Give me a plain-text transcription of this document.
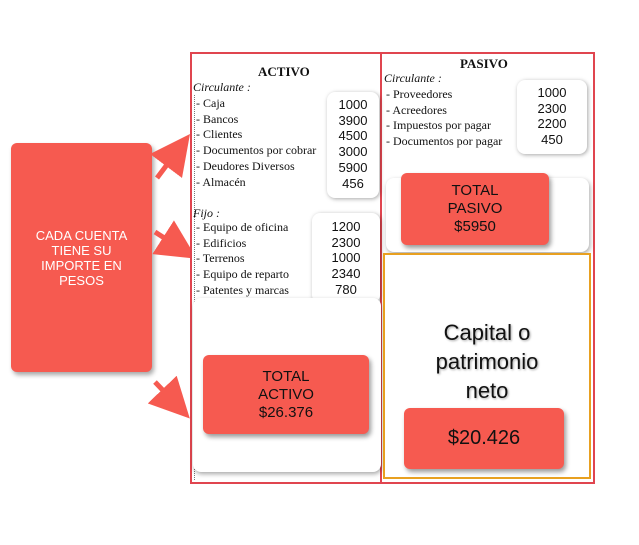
CADA CUENTA
TIENE SU
IMPORTE EN
PESOS
ACTIVO
Circulante :
- Caja
- Bancos
- Clientes
- Documentos por cobrar
- Deudores Diversos
- Almacén
1000
3900
4500
3000
5900
456
Fijo :
1200
2300
1000
2340
780
- Equipo de oficina
- Edificios
- Terrenos
- Equipo de reparto
- Patentes y marcas
TOTAL
ACTIVO
$26.376
PASIVO
Circulante :
- Proveedores
- Acreedores
- Impuestos por pagar
- Documentos por pagar
1000
2300
2200
450
TOTAL
PASIVO
$5950
Capital o
patrimonio
neto
$20.426
